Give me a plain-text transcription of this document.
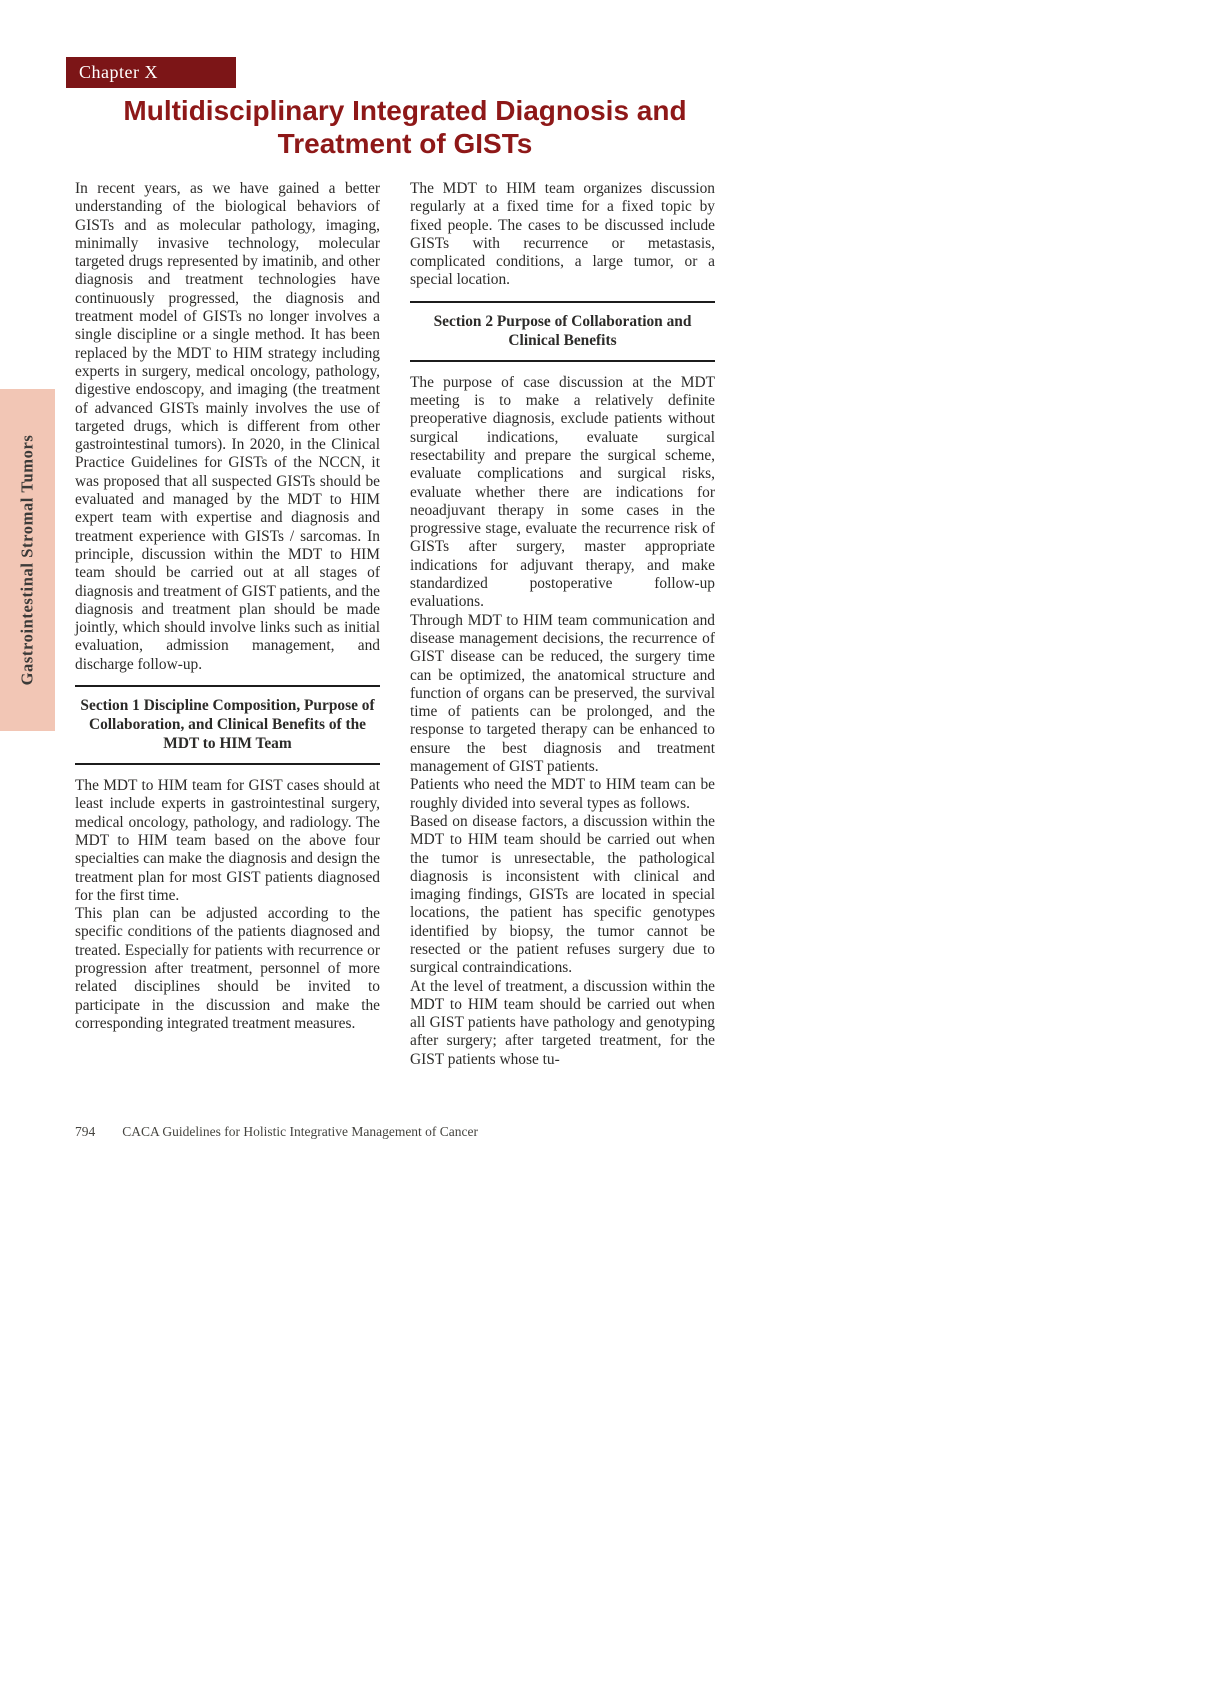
Chapter X
Multidisciplinary Integrated Diagnosis and
Treatment of GISTs
Gastrointestinal Stromal Tumors

In recent years, as we have gained a better understanding of the biological behaviors of GISTs and as molecular pathology, imaging, minimally invasive technology, molecular targeted drugs represented by imatinib, and other diagnosis and treatment technologies have continuously progressed, the diagnosis and treatment model of GISTs no longer involves a single discipline or a single method. It has been replaced by the MDT to HIM strategy including experts in surgery, medical oncology, pathology, digestive endoscopy, and imaging (the treatment of advanced GISTs mainly involves the use of targeted drugs, which is different from other gastrointestinal tumors). In 2020, in the Clinical Practice Guidelines for GISTs of the NCCN, it was proposed that all suspected GISTs should be evaluated and managed by the MDT to HIM expert team with expertise and diagnosis and treatment experience with GISTs / sarcomas. In principle, discussion within the MDT to HIM team should be carried out at all stages of diagnosis and treatment of GIST patients, and the diagnosis and treatment plan should be made jointly, which should involve links such as initial evaluation, admission management, and discharge follow-up.

Section 1 Discipline Composition, Purpose of Collaboration, and Clinical Benefits of the MDT to HIM Team

The MDT to HIM team for GIST cases should at least include experts in gastrointestinal surgery, medical oncology, pathology, and radiology. The MDT to HIM team based on the above four specialties can make the diagnosis and design the treatment plan for most GIST patients diagnosed for the first time.

This plan can be adjusted according to the specific conditions of the patients diagnosed and treated. Especially for patients with recurrence or progression after treatment, personnel of more related disciplines should be invited to participate in the discussion and make the corresponding integrated treatment measures.

The MDT to HIM team organizes discussion regularly at a fixed time for a fixed topic by fixed people. The cases to be discussed include GISTs with recurrence or metastasis, complicated conditions, a large tumor, or a special location.

Section 2 Purpose of Collaboration and Clinical Benefits

The purpose of case discussion at the MDT meeting is to make a relatively definite preoperative diagnosis, exclude patients without surgical indications, evaluate surgical resectability and prepare the surgical scheme, evaluate complications and surgical risks, evaluate whether there are indications for neoadjuvant therapy in some cases in the progressive stage, evaluate the recurrence risk of GISTs after surgery, master appropriate indications for adjuvant therapy, and make standardized postoperative follow-up evaluations.

Through MDT to HIM team communication and disease management decisions, the recurrence of GIST disease can be reduced, the surgery time can be optimized, the anatomical structure and function of organs can be preserved, the survival time of patients can be prolonged, and the response to targeted therapy can be enhanced to ensure the best diagnosis and treatment management of GIST patients.

Patients who need the MDT to HIM team can be roughly divided into several types as follows.

Based on disease factors, a discussion within the MDT to HIM team should be carried out when the tumor is unresectable, the pathological diagnosis is inconsistent with clinical and imaging findings, GISTs are located in special locations, the patient has specific genotypes identified by biopsy, the tumor cannot be resected or the patient refuses surgery due to surgical contraindications.

At the level of treatment, a discussion within the MDT to HIM team should be carried out when all GIST patients have pathology and genotyping after surgery; after targeted treatment, for the GIST patients whose tu-

794 CACA Guidelines for Holistic Integrative Management of Cancer
